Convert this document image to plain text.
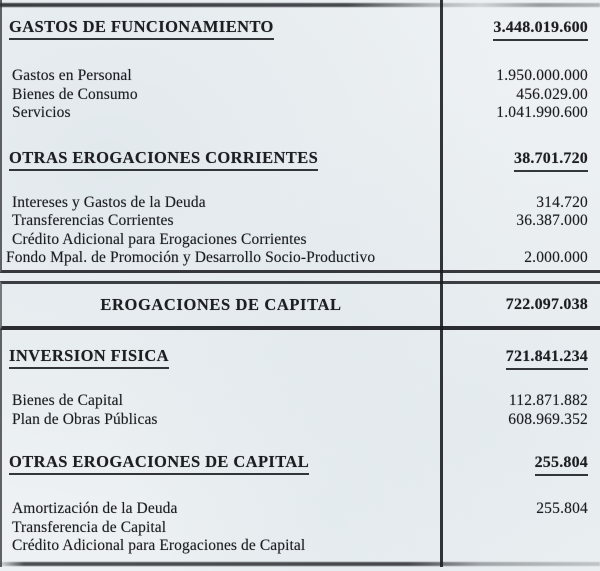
GASTOS DE FUNCIONAMIENTO	3.448.019.600
Gastos en Personal	1.950.000.000
Bienes de Consumo	456.029.00
Servicios	1.041.990.600
OTRAS EROGACIONES CORRIENTES	38.701.720
Intereses y Gastos de la Deuda	314.720
Transferencias Corrientes	36.387.000
Crédito Adicional para Erogaciones Corrientes
Fondo Mpal. de Promoción y Desarrollo Socio-Productivo	2.000.000
EROGACIONES DE CAPITAL	722.097.038
INVERSION FISICA	721.841.234
Bienes de Capital	112.871.882
Plan de Obras Públicas	608.969.352
OTRAS EROGACIONES DE CAPITAL	255.804
Amortización de la Deuda	255.804
Transferencia de Capital
Crédito Adicional para Erogaciones de Capital
